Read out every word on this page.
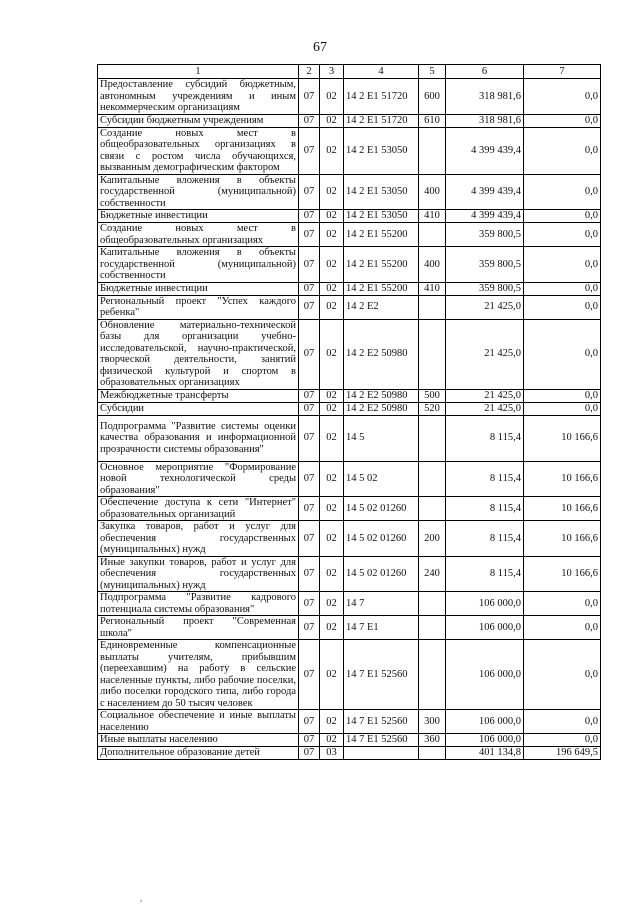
67
1	2	3	4	5	6	7
Предоставление субсидий бюджетным, автономным учреждениям и иным некоммерческим организациям	07	02	14 2 E1 51720	600	318 981,6	0,0
Субсидии бюджетным учреждениям	07	02	14 2 E1 51720	610	318 981,6	0,0
Создание новых мест в общеобразовательных организациях в связи с ростом числа обучающихся, вызванным демографическим фактором	07	02	14 2 E1 53050		4 399 439,4	0,0
Капитальные вложения в объекты государственной (муниципальной) собственности	07	02	14 2 E1 53050	400	4 399 439,4	0,0
Бюджетные инвестиции	07	02	14 2 E1 53050	410	4 399 439,4	0,0
Создание новых мест в общеобразовательных организациях	07	02	14 2 E1 55200		359 800,5	0,0
Капитальные вложения в объекты государственной (муниципальной) собственности	07	02	14 2 E1 55200	400	359 800,5	0,0
Бюджетные инвестиции	07	02	14 2 E1 55200	410	359 800,5	0,0
Региональный проект "Успех каждого ребенка"	07	02	14 2 E2		21 425,0	0,0
Обновление материально-технической базы для организации учебно-исследовательской, научно-практической, творческой деятельности, занятий физической культурой и спортом в образовательных организациях	07	02	14 2 E2 50980		21 425,0	0,0
Межбюджетные трансферты	07	02	14 2 E2 50980	500	21 425,0	0,0
Субсидии	07	02	14 2 E2 50980	520	21 425,0	0,0
Подпрограмма "Развитие системы оценки качества образования и информационной прозрачности системы образования"	07	02	14 5		8 115,4	10 166,6
Основное мероприятие "Формирование новой технологической среды образования"	07	02	14 5 02		8 115,4	10 166,6
Обеспечение доступа к сети "Интернет" образовательных организаций	07	02	14 5 02 01260		8 115,4	10 166,6
Закупка товаров, работ и услуг для обеспечения государственных (муниципальных) нужд	07	02	14 5 02 01260	200	8 115,4	10 166,6
Иные закупки товаров, работ и услуг для обеспечения государственных (муниципальных) нужд	07	02	14 5 02 01260	240	8 115,4	10 166,6
Подпрограмма "Развитие кадрового потенциала системы образования"	07	02	14 7		106 000,0	0,0
Региональный проект "Современная школа"	07	02	14 7 E1		106 000,0	0,0
Единовременные компенсационные выплаты учителям, прибывшим (переехавшим) на работу в сельские населенные пункты, либо рабочие поселки, либо поселки городского типа, либо города с населением до 50 тысяч человек	07	02	14 7 E1 52560		106 000,0	0,0
Социальное обеспечение и иные выплаты населению	07	02	14 7 E1 52560	300	106 000,0	0,0
Иные выплаты населению	07	02	14 7 E1 52560	360	106 000,0	0,0
Дополнительное образование детей	07	03			401 134,8	196 649,5
,
